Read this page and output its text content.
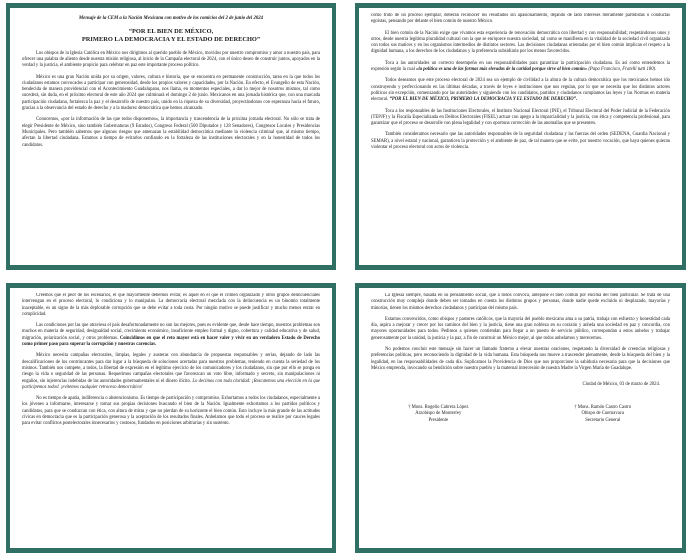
Mensaje de la CEM a la Nación Mexicana con motivo de los comicios del 2 de junio del 2024
“POR EL BIEN DE MÉXICO,
PRIMERO LA DEMOCRACIA Y EL ESTADO DE DERECHO”

Los obispos de la Iglesia Católica en México nos dirigimos al querido pueblo de México, movidos por nuestro compromiso y amor a nuestro país, para ofrecer una palabra de aliento desde nuestra misión religiosa, al inicio de la Campaña electoral de 2024, con el único deseo de construir juntos, apoyados en la verdad y la justicia, el ambiente propicio para celebrar en paz este importante proceso político.

México es una gran Nación unida por su origen, valores, cultura e historia, que se encuentra en permanente construcción, tarea en la que todos los ciudadanos estamos convocados a participar con generosidad, desde los propios valores y capacidades, por la Nación. En efecto, el Evangelio de esta Nación, bendecida de manera providencial con el Acontecimiento Guadalupano, nos llama, en momentos especiales, a dar lo mejor de nosotros mismos, tal como sucederá, sin duda, en el próximo electoral de este año 2024 que culminará el domingo 2 de junio. Mexicanos en una jornada histórica que, con una marcada participación ciudadana, fortalezca la paz y el desarrollo de nuestro país, unido en la riqueza de su diversidad, proyectándonos con esperanza hacia el futuro, gracias a la observancia del estado de derecho y a la madurez democrática que hemos alcanzado.

Conocemos, «por la información de las que todos disponemos», la importancia y trascendencia de la próxima jornada electoral. No sólo se trata de elegir Presidente de México, sino también Gubernaturas (9 Estados), Congreso Federal (500 Diputados y 128 Senadores), Congresos Locales y Presidencias Municipales. Pero también sabemos que algunos riesgos que amenazan la estabilidad democrática mediante la violencia criminal que, al mismo tiempo, afectan la libertad ciudadana. Estamos a tiempo de evitarlos confiando en la fortaleza de las instituciones electorales y en la honestidad de todos los candidatos.

como fruto de un proceso ejemplar, deberán reconocer los resultados sin apasionamiento, dejando de lado intereses meramente partidistas o conductas egoístas, pensando por delante el bien común de nuestro México.

El bien común de la Nación exige que vivamos esta experiencia de renovación democrática con libertad y con responsabilidad; respetándonos unos y otros, desde nuestra legítima pluralidad cultural con la que se enriquece nuestra sociedad, tal como se manifiesta en la vitalidad de la sociedad civil organizada con todos sus matices y en los organismos intermedios de distintos sectores. Las decisiones ciudadanas orientadas por el bien común implican el respeto a la dignidad humana, a los derechos de los ciudadanos y la preferencia subsidiaria por los menos favorecidos.

Toca a las autoridades un correcto desempeño en sus responsabilidades para garantizar la participación ciudadana. Es así como entendemos la expresión según la cual «la política es una de las formas más elevadas de la caridad porque sirve al bien común» (Papa Francisco, Fratelli tutti 180).

Todos deseamos que este proceso electoral de 2024 sea un ejemplo de civilidad a la altura de la cultura democrática que los mexicanos hemos ido construyendo y perfeccionando en las últimas décadas, a través de leyes e instituciones que nos regulan, por lo que se necesita que los distintos actores políticos sin excepción, comenzando por las autoridades y siguiendo con los candidatos, partidos y ciudadanos cumplamos las leyes y las Normas en materia electoral. “POR EL BIEN DE MÉXICO, PRIMERO LA DEMOCRACIA Y EL ESTADO DE DERECHO”.

Toca a los responsables de las Instituciones Electorales, el Instituto Nacional Electoral (INE), el Tribunal Electoral del Poder Judicial de la Federación (TEPJF) y la Fiscalía Especializada en Delitos Electorales (FISEL) actuar con apego a la imparcialidad y la justicia, con ética y competencia profesional, para garantizar que el proceso se desarrolle con plena legalidad y con oportuna corrección de las anomalías que se presenten.

También consideramos necesario que las autoridades responsables de la seguridad ciudadana y las fuerzas del orden (SEDENA, Guardia Nacional y SEMAR), a nivel estatal y nacional, garanticen la protección y el ambiente de paz, de tal manera que se evite, por nuestro vocación, que haya quienes quieran violentar el proceso electoral con actos de violencia.

Creemos que el peor de los escenarios, el que mayormente debemos evitar, es aquel en el que el crimen organizado y otros grupos delincuenciales intervengan en el proceso electoral, lo condiciona y lo manipulan. La democracia electoral mezclada con la delincuencia es un binomio totalmente inaceptable, es un signo de la más deplorable corrupción que se debe evitar a toda costa. Por ningún motivo se puede justificar y mucho menos entrar en complicidad.

Las condiciones por las que atraviesa el país desafortunadamente no son las mejores, pues es evidente que, desde hace tiempo, nuestros problemas son muchos en materia de seguridad, desigualdad social, crecimiento económico, insuficiente empleo formal y digno, cobertura y calidad educativa y de salud, migración, polarización social, y otros problemas. Coincidimos en que el reto mayor está en hacer valer y vivir en un verdadero Estado de Derecho como primer paso para superar la corrupción y nuestras carencias.

México necesita campañas electorales, limpias, legales y austeras con abundancia de propuestas responsables y serias, dejando de lado las descalificaciones de los contrincantes para dar lugar a la búsqueda de soluciones acertadas para nuestros problemas, teniendo en cuenta la seriedad de los mismos. También nos compete, a todos, la libertad de expresión en el legítimo ejercicio de los comunicadores y los ciudadanos, sin que por ello se ponga en riesgo la vida o seguridad de las personas. Requerimos campañas electorales que favorezcan un voto libre, informado y secreto, sin manipulaciones ni engaños, sin injerencias indebidas de las autoridades gubernamentales ni el dinero ilícito. Lo decimos con toda claridad: ¡Rescatemos una elección en la que participemos todos! ¡evitemos cualquier retroceso democrático!

No es tiempo de apatía, indiferencia o abstencionismo. Es tiempo de participación y compromiso. Exhortamos a todos los ciudadanos, especialmente a los jóvenes a informarse, interesarse y tomar sus propias decisiones buscando el bien de la Nación. Igualmente exhortamos a los partidos políticos y candidatos, para que se conduzcan con ética, con altura de miras y que no pierdan de su horizonte el bien común. Esto incluye la más grande de las actitudes cívicas en democracia que es la participación generosa y la aceptación de los resultados finales. Anhelamos que todo el proceso se realice por cauces legales para evitar conflictos postelectorales innecesarios y costosos, fundados en posiciones arbitrarias y sin sustento.

La Iglesia siempre, basada en su pensamiento social, que a todos convoca, antepone el bien común por encima del bien particular. Se trata de una construcción muy compleja donde deben ser tomados en cuenta los distintos grupos y personas, donde nadie quede excluido ni desplazado, mayorías y minorías, tienen los mismos derechos ciudadanos y participan del mismo país.

Estamos convencidos, como obispos y pastores católicos, que la mayoría del pueblo mexicano ama a su patria, trabaja con esfuerzo y honestidad cada día, aspira a mejorar y crecer por los caminos del bien y la justicia, tiene una gran nobleza en su corazón y anhela una sociedad en paz y concordia, con mayores oportunidades para todos. Pedimos a quienes contiendan para llegar a un puesto de servicio público, correspondan a estos anhelos y trabajar generosamente por la unidad, la justicia y la paz, a fin de construir un México mejor, al que todos anhelamos y merecemos.

No podemos concluir este mensaje sin hacer un llamado fraterno a elevar nuestras oraciones, respetando la diversidad de creencias religiosas y preferencias políticas, pero reconociendo la dignidad de la vida humana. Esta búsqueda nos mueve a trascender plenamente, desde la búsqueda del bien y la legalidad, en las responsabilidades de cada día. Suplicamos la Providencia de Dios que nos proporcione la sabiduría necesaria para que la decisiones que México emprenda, invocando su bendición sobre nuestro pueblo y la maternal intercesión de nuestra Madre la Virgen María de Guadalupe.

Ciudad de México, 03 de marzo de 2024.
† Mons. Rogelio Cabrera López
Arzobispo de Monterrey
Presidente
† Mons. Ramón Castro Castro
Obispo de Cuernavaca
Secretario General
